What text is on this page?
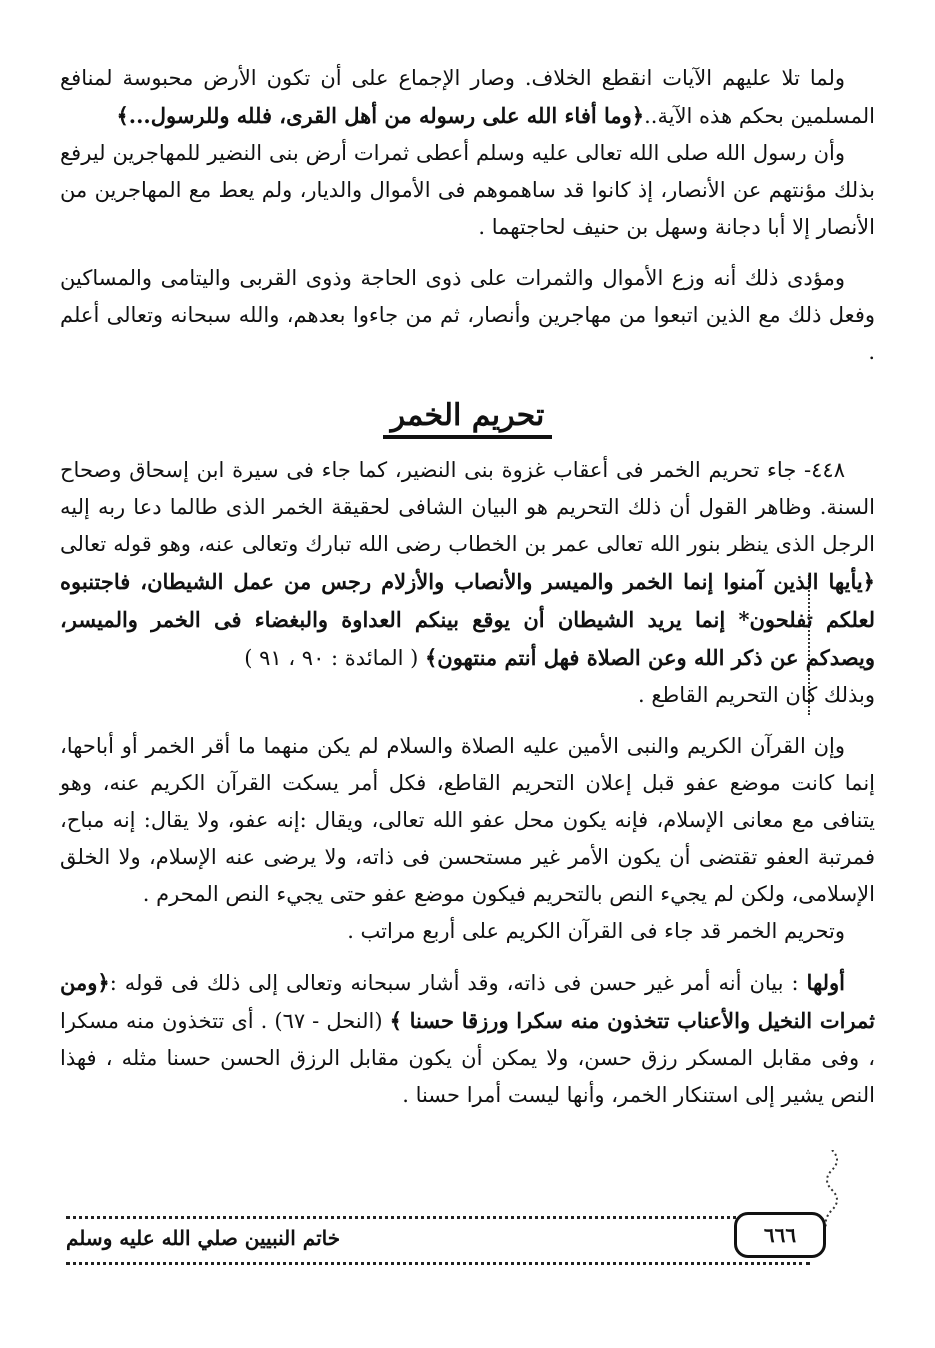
ولما تلا عليهم الآيات انقطع الخلاف. وصار الإجماع على أن تكون الأرض محبوسة لمنافع المسلمين بحكم هذه الآية..﴿وما أفاء الله على رسوله من أهل القرى، فلله وللرسول...﴾

وأن رسول الله صلى الله تعالى عليه وسلم أعطى ثمرات أرض بنى النضير للمهاجرين ليرفع بذلك مؤنتهم عن الأنصار، إذ كانوا قد ساهموهم فى الأموال والديار، ولم يعط مع المهاجرين من الأنصار إلا أبا دجانة وسهل بن حنيف لحاجتهما .

ومؤدى ذلك أنه وزع الأموال والثمرات على ذوى الحاجة وذوى القربى واليتامى والمساكين وفعل ذلك مع الذين اتبعوا من مهاجرين وأنصار، ثم من جاءوا بعدهم، والله سبحانه وتعالى أعلم .

تحريم الخمر

٤٤٨- جاء تحريم الخمر فى أعقاب غزوة بنى النضير، كما جاء فى سيرة ابن إسحاق وصحاح السنة. وظاهر القول أن ذلك التحريم هو البيان الشافى لحقيقة الخمر الذى طالما دعا ربه إليه الرجل الذى ينظر بنور الله تعالى عمر بن الخطاب رضى الله تبارك وتعالى عنه، وهو قوله تعالى ﴿يأيها الذين آمنوا إنما الخمر والميسر والأنصاب والأزلام رجس من عمل الشيطان، فاجتنبوه لعلكم تفلحون* إنما يريد الشيطان أن يوقع بينكم العداوة والبغضاء فى الخمر والميسر، ويصدكم عن ذكر الله وعن الصلاة فهل أنتم منتهون﴾ ( المائدة : ٩٠ ، ٩١ )
وبذلك كان التحريم القاطع .

وإن القرآن الكريم والنبى الأمين عليه الصلاة والسلام لم يكن منهما ما أقر الخمر أو أباحها، إنما كانت موضع عفو قبل إعلان التحريم القاطع، فكل أمر يسكت القرآن الكريم عنه، وهو يتنافى مع معانى الإسلام، فإنه يكون محل عفو الله تعالى، ويقال :إنه عفو، ولا يقال: إنه مباح، فمرتبة العفو تقتضى أن يكون الأمر غير مستحسن فى ذاته، ولا يرضى عنه الإسلام، ولا الخلق الإسلامى، ولكن لم يجيء النص بالتحريم فيكون موضع عفو حتى يجيء النص المحرم .

وتحريم الخمر قد جاء فى القرآن الكريم على أربع مراتب .

أولها : بيان أنه أمر غير حسن فى ذاته، وقد أشار سبحانه وتعالى إلى ذلك فى قوله :﴿ومن ثمرات النخيل والأعناب تتخذون منه سكرا ورزقا حسنا ﴾ (النحل - ٦٧) . أى تتخذون منه مسكرا ، وفى مقابل المسكر رزق حسن، ولا يمكن أن يكون مقابل الرزق الحسن حسنا مثله ، فهذا النص يشير إلى استنكار الخمر، وأنها ليست أمرا حسنا .

٦٦٦
خاتم النبيين صلي الله عليه وسلم
